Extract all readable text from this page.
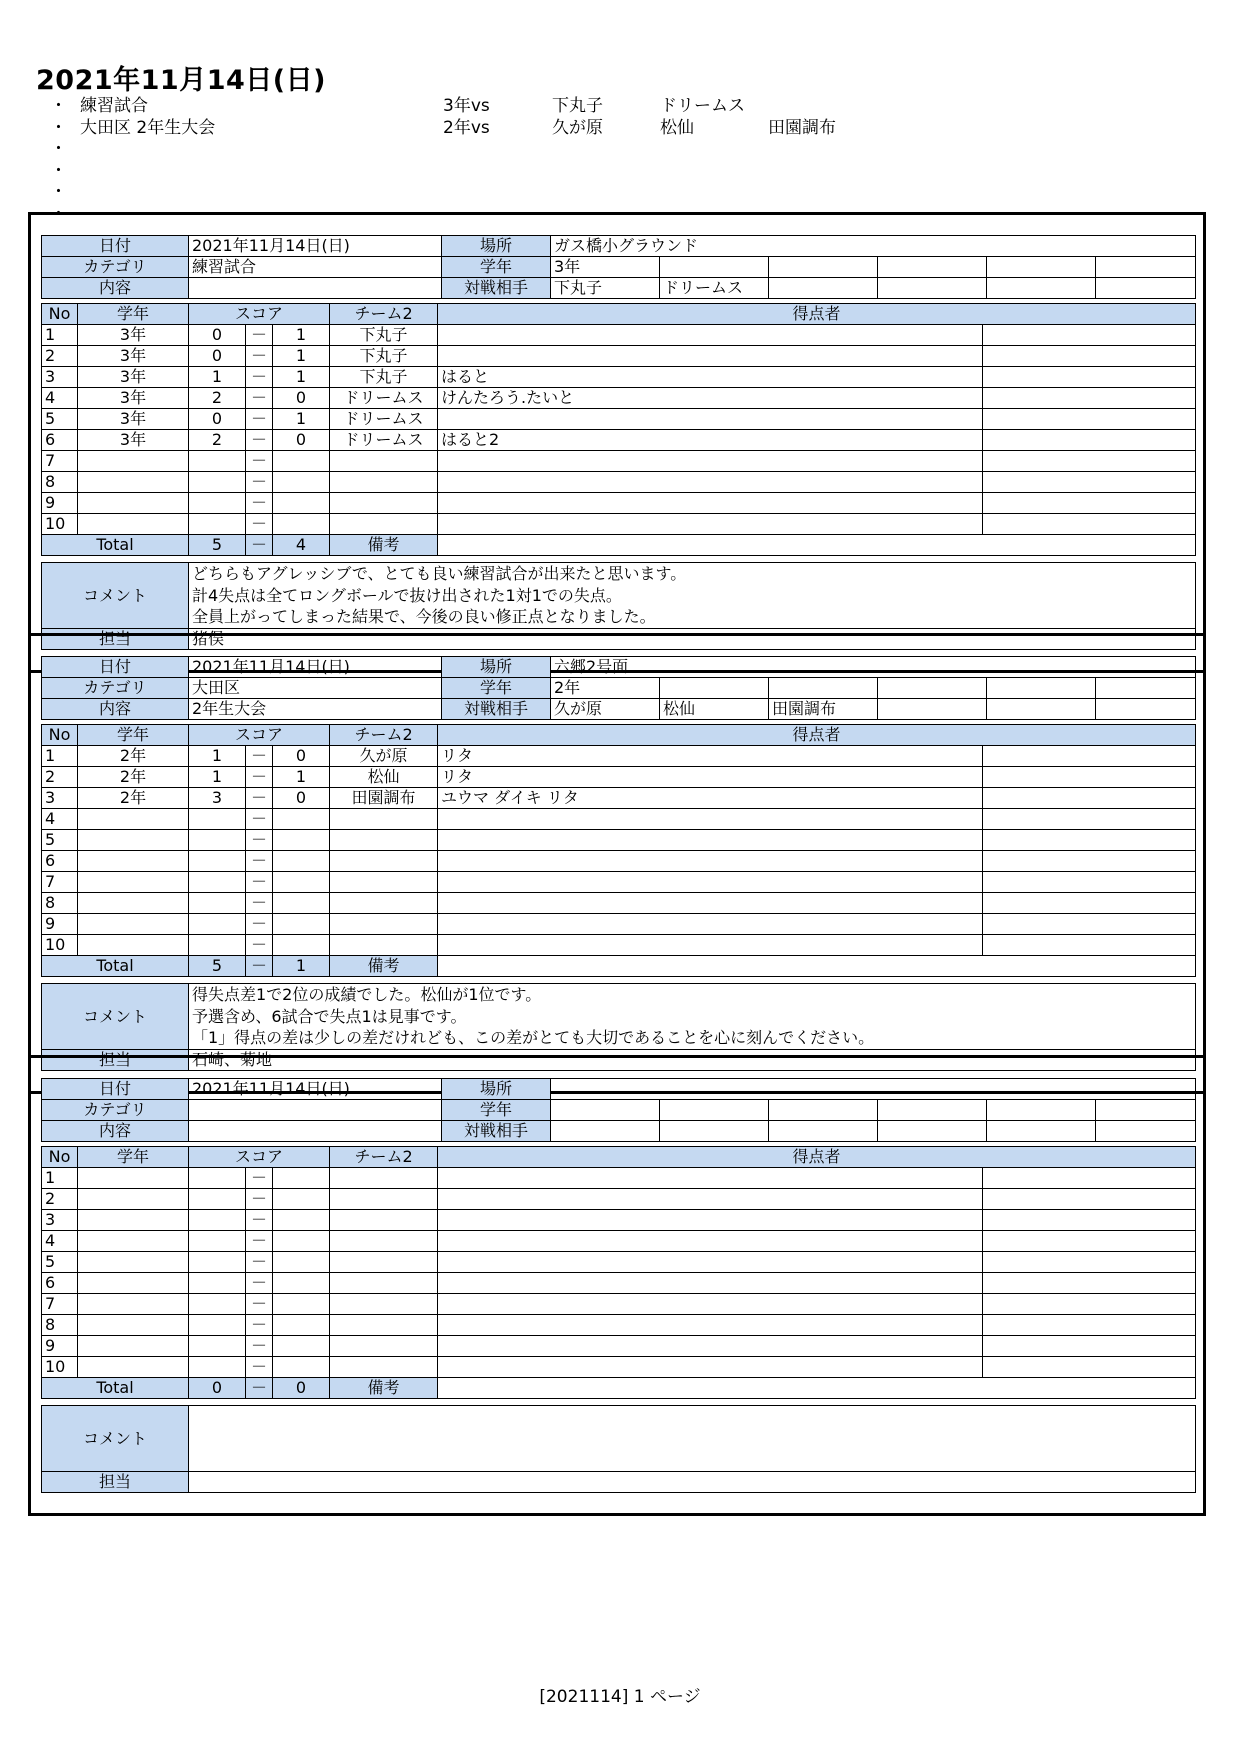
2021年11月14日(日)
・ 練習試合	3年vs	下丸子	ドリームス
・ 大田区 2年生大会	2年vs	久が原	松仙	田園調布
・
・
・
・
日付	2021年11月14日(日)	場所	ガス橋小グラウンド					
カテゴリ	練習試合	学年	3年					
内容		対戦相手	下丸子	ドリームス				
No	学年	スコア			チーム2	得点者	
1	3年	0	－	1	下丸子		
2	3年	0	－	1	下丸子		
3	3年	1	－	1	下丸子	はると	
4	3年	2	－	0	ドリームス	けんたろう.たいと	
5	3年	0	－	1	ドリームス		
6	3年	2	－	0	ドリームス	はると2	
7			－				
8			－				
9			－				
10			－				
Total		5	－	4	備考		
コメント	どちらもアグレッシブで、とても良い練習試合が出来たと思います。
計4失点は全てロングボールで抜け出された1対1での失点。
全員上がってしまった結果で、今後の良い修正点となりました。
担当	猪俣
日付	2021年11月14日(日)	場所	六郷2号面					
カテゴリ	大田区	学年	2年					
内容	2年生大会	対戦相手	久が原	松仙	田園調布			
No	学年	スコア			チーム2	得点者	
1	2年	1	－	0	久が原	リタ	
2	2年	1	－	1	松仙	リタ	
3	2年	3	－	0	田園調布	ユウマ ダイキ リタ	
4			－				
5			－				
6			－				
7			－				
8			－				
9			－				
10			－				
Total		5	－	1	備考		
コメント	得失点差1で2位の成績でした。松仙が1位です。
予選含め、6試合で失点1は見事です。
「1」得点の差は少しの差だけれども、この差がとても大切であることを心に刻んでください。
担当	石崎、菊地
日付	2021年11月14日(日)	場所						
カテゴリ		学年						
内容		対戦相手						
No	学年	スコア			チーム2	得点者	
1			－				
2			－				
3			－				
4			－				
5			－				
6			－				
7			－				
8			－				
9			－				
10			－				
Total		0	－	0	備考		
コメント	
担当	
[2021114] 1 ページ
